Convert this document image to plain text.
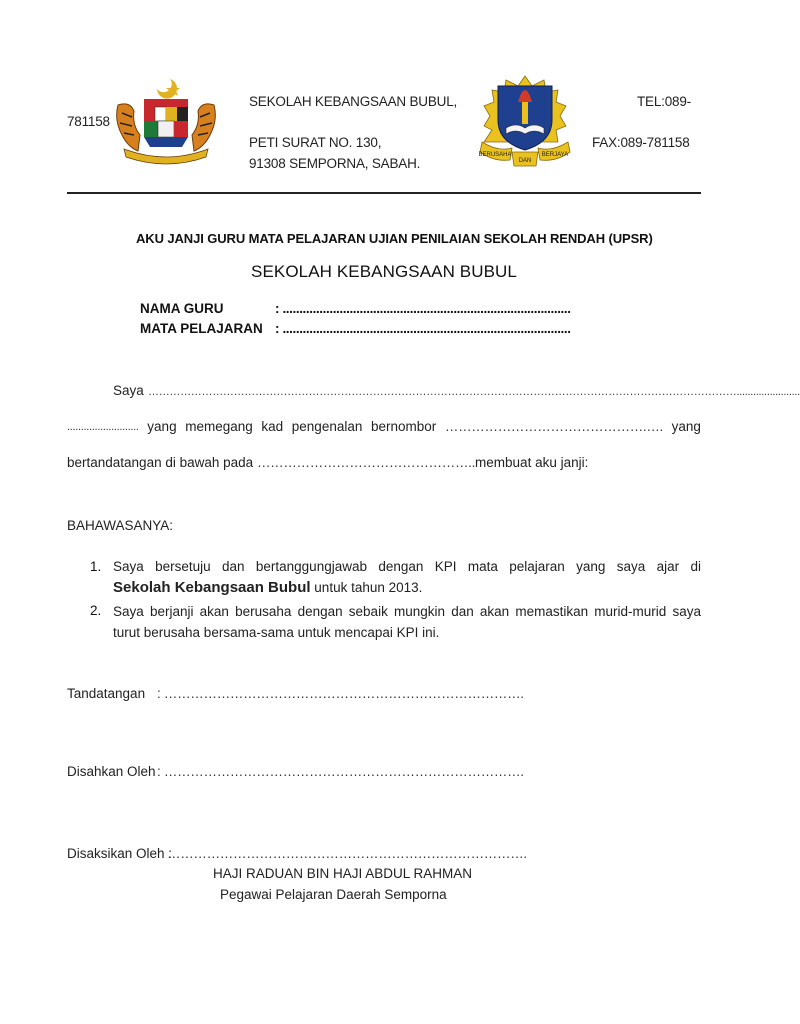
SEKOLAH KEBANGSAAN BUBUL,	TEL:089-
781158
PETI SURAT NO. 130,	FAX:089-781158
91308 SEMPORNA, SABAH.
BERUSAHA
DAN
BERJAYA
AKU JANJI GURU MATA PELAJARAN UJIAN PENILAIAN SEKOLAH RENDAH (UPSR)
SEKOLAH KEBANGSAAN BUBUL
NAMA GURU	: ......................................................................................
MATA PELAJARAN : ......................................................................................
Saya ………………………………………………………………………………………………………………………………………………….......................
.......................... yang memegang kad pengenalan bernombor ……………………………………….…. yang
bertandatangan di bawah pada …………………………………………..membuat aku janji:
BAHAWASANYA:
1. Saya bersetuju dan bertanggungjawab dengan KPI mata pelajaran yang saya ajar di
Sekolah Kebangsaan Bubul untuk tahun 2013.
2. Saya berjanji akan berusaha dengan sebaik mungkin dan akan memastikan murid-murid saya turut berusaha bersama-sama untuk mencapai KPI ini.
Tandatangan : ……………………………………………………………………….
Disahkan Oleh : ……………………………………………………………………….
Disaksikan Oleh :
……………………………………………………………………….
HAJI RADUAN BIN HAJI ABDUL RAHMAN
Pegawai Pelajaran Daerah Semporna
